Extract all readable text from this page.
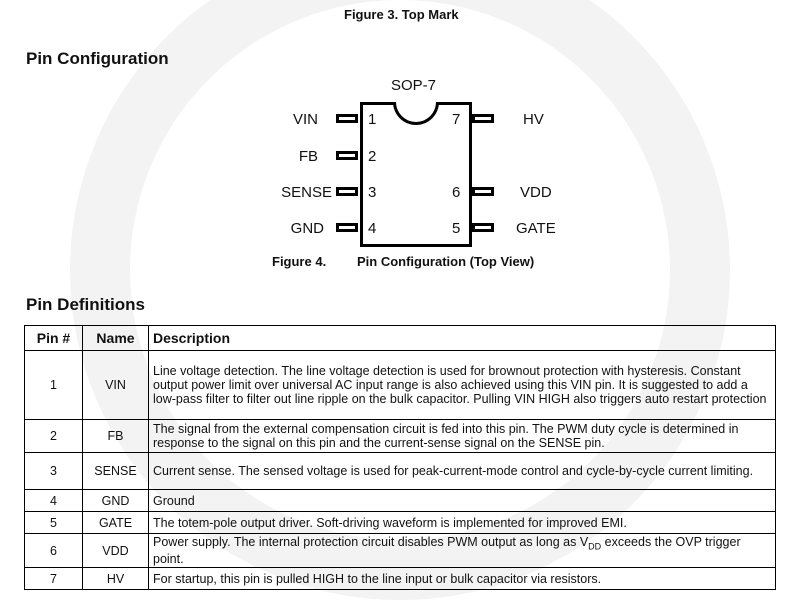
Figure 3. Top Mark
Pin Configuration
SOP-7
VIN
FB
SENSE
GND
1
2
3
4
7
6
5
HV
VDD
GATE
Figure 4. Pin Configuration (Top View)
Pin Definitions
Pin #	Name	Description
1	VIN	Line voltage detection. The line voltage detection is used for brownout protection with hysteresis. Constant output power limit over universal AC input range is also achieved using this VIN pin. It is suggested to add a low-pass filter to filter out line ripple on the bulk capacitor. Pulling VIN HIGH also triggers auto restart protection
2	FB	The signal from the external compensation circuit is fed into this pin. The PWM duty cycle is determined in response to the signal on this pin and the current-sense signal on the SENSE pin.
3	SENSE	Current sense. The sensed voltage is used for peak-current-mode control and cycle-by-cycle current limiting.
4	GND	Ground
5	GATE	The totem-pole output driver. Soft-driving waveform is implemented for improved EMI.
6	VDD	Power supply. The internal protection circuit disables PWM output as long as $V_{DD}$ exceeds the OVP trigger point.
7	HV	For startup, this pin is pulled HIGH to the line input or bulk capacitor via resistors.
